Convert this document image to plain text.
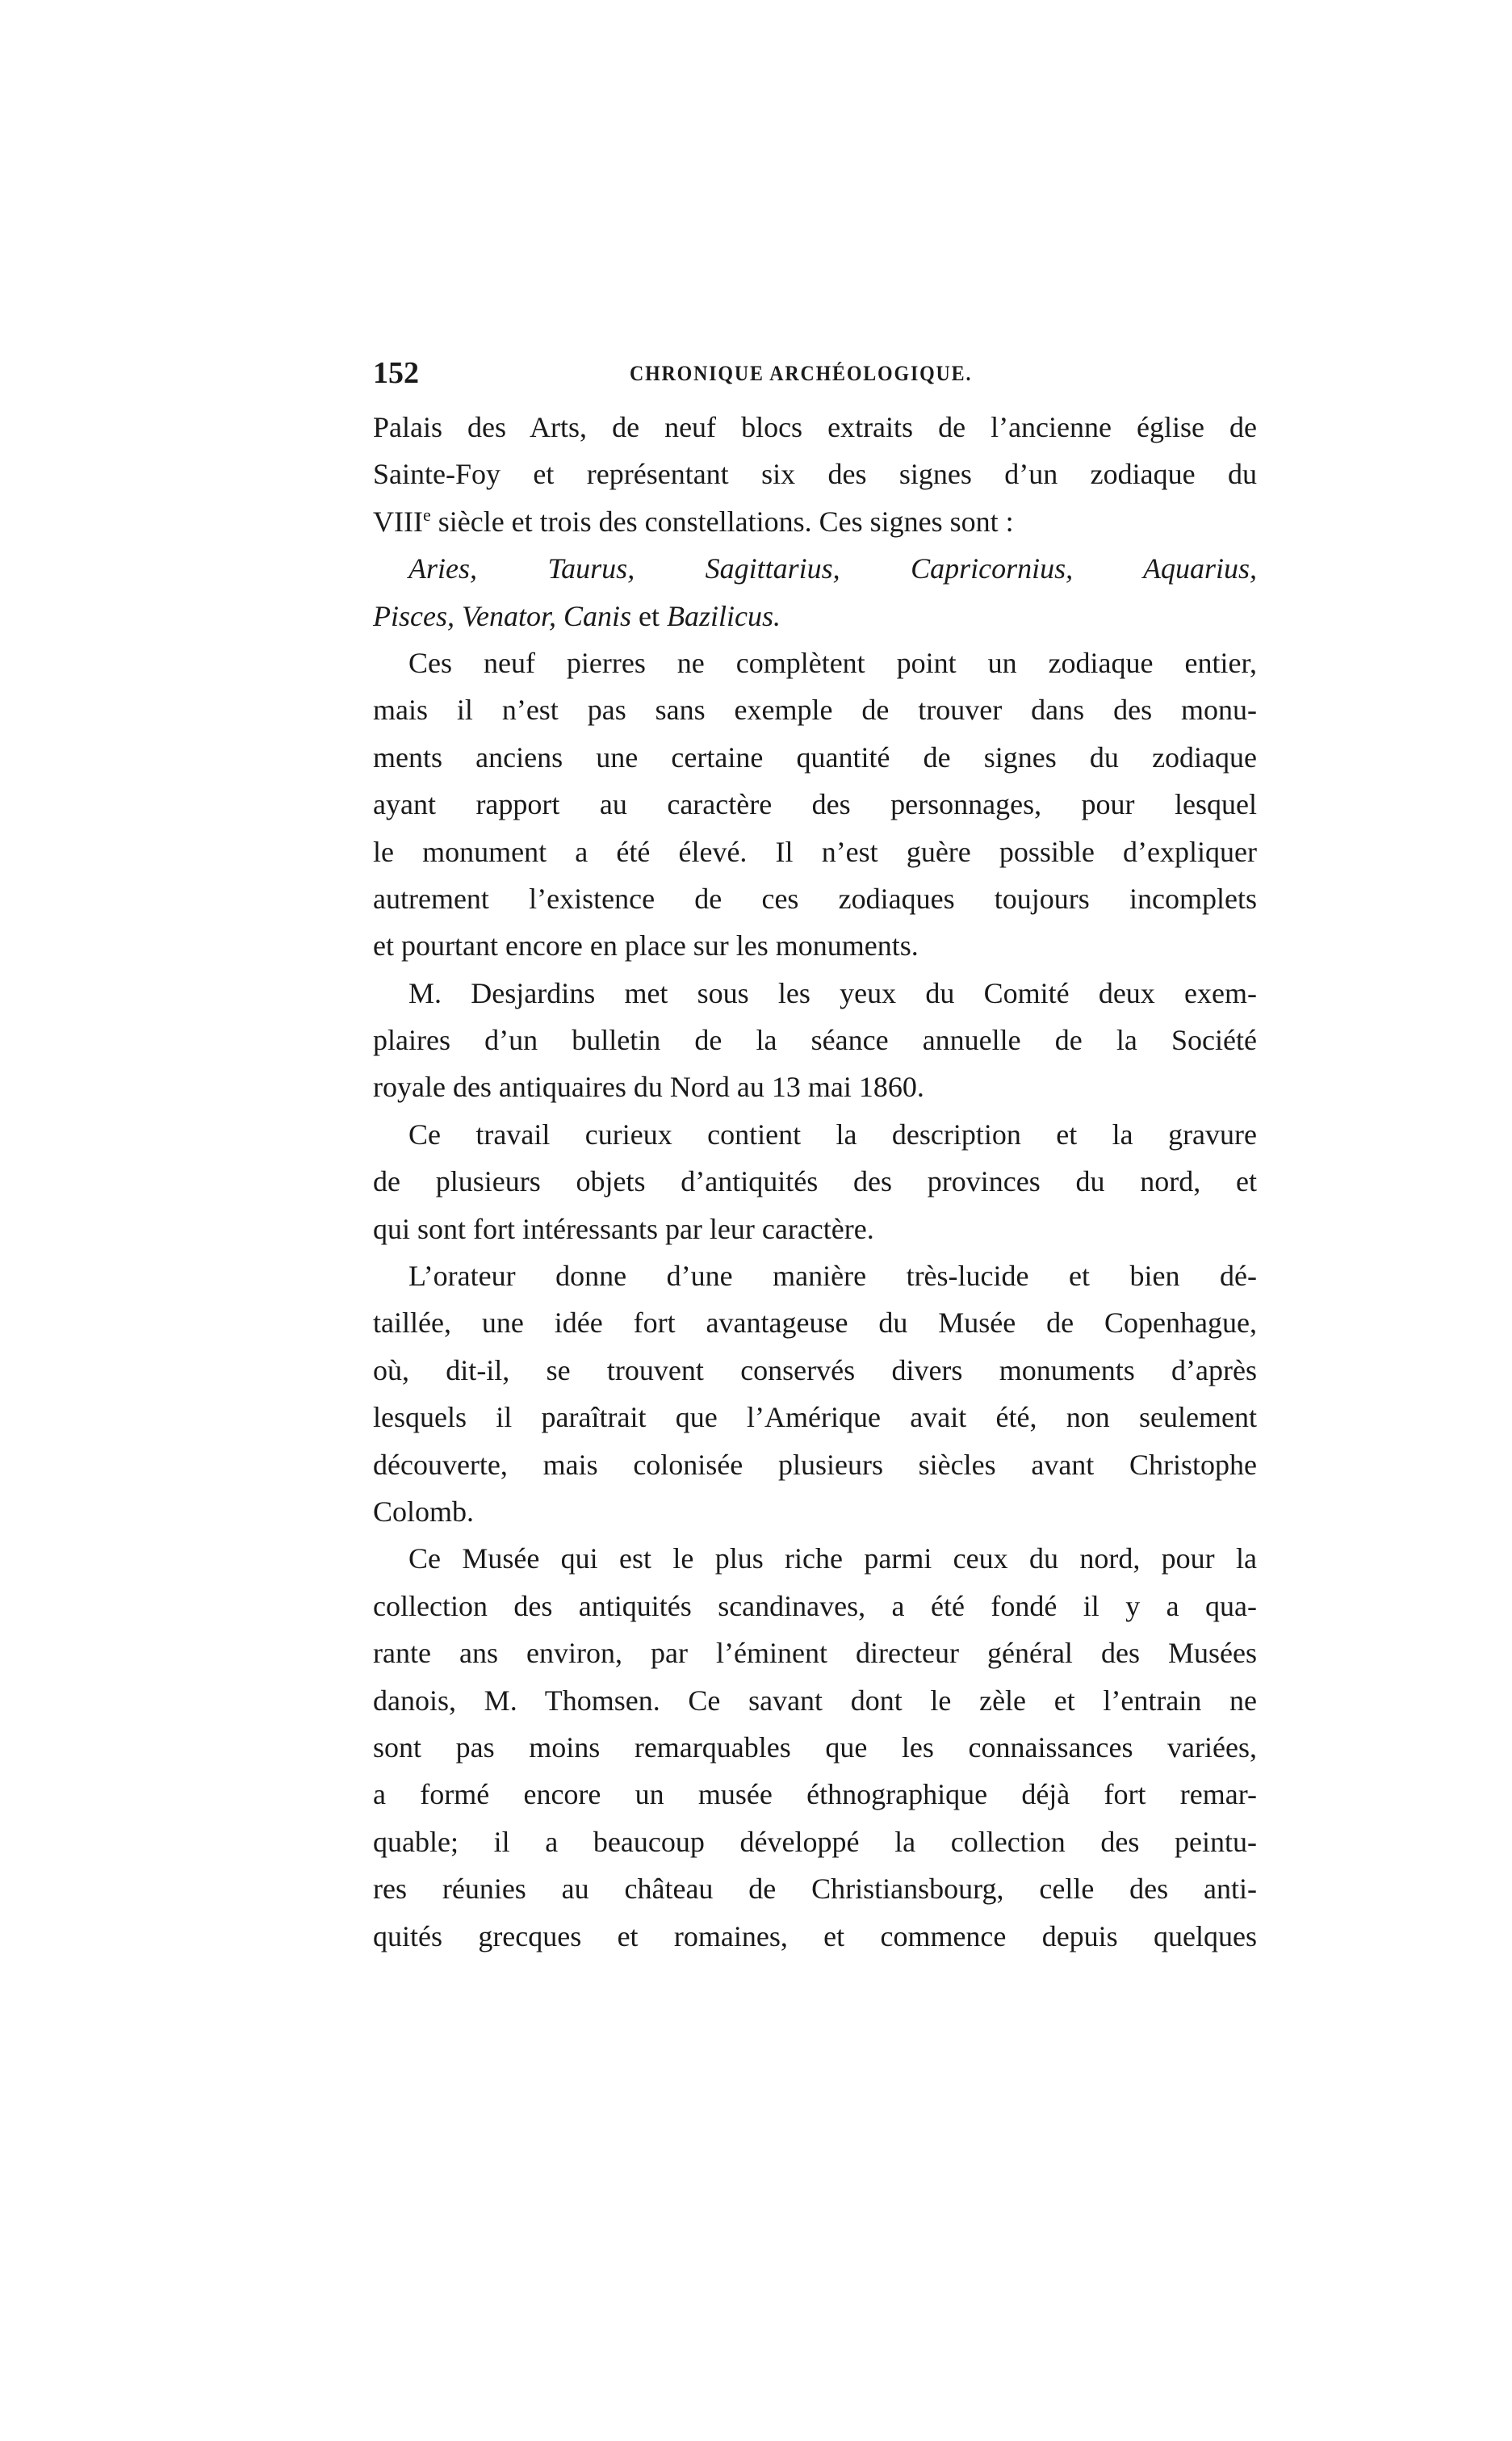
152	CHRONIQUE ARCHÉOLOGIQUE.
Palais des Arts, de neuf blocs extraits de l’ancienne église de
Sainte-Foy et représentant six des signes d’un zodiaque du
VIIIe siècle et trois des constellations. Ces signes sont :
Aries, Taurus, Sagittarius, Capricornius, Aquarius,
Pisces, Venator, Canis et Bazilicus.
Ces neuf pierres ne complètent point un zodiaque entier,
mais il n’est pas sans exemple de trouver dans des monu-
ments anciens une certaine quantité de signes du zodiaque
ayant rapport au caractère des personnages, pour lesquel
le monument a été élevé. Il n’est guère possible d’expliquer
autrement l’existence de ces zodiaques toujours incomplets
et pourtant encore en place sur les monuments.
M. Desjardins met sous les yeux du Comité deux exem-
plaires d’un bulletin de la séance annuelle de la Société
royale des antiquaires du Nord au 13 mai 1860.
Ce travail curieux contient la description et la gravure
de plusieurs objets d’antiquités des provinces du nord, et
qui sont fort intéressants par leur caractère.
L’orateur donne d’une manière très-lucide et bien dé-
taillée, une idée fort avantageuse du Musée de Copenhague,
où, dit-il, se trouvent conservés divers monuments d’après
lesquels il paraîtrait que l’Amérique avait été, non seulement
découverte, mais colonisée plusieurs siècles avant Christophe
Colomb.
Ce Musée qui est le plus riche parmi ceux du nord, pour la
collection des antiquités scandinaves, a été fondé il y a qua-
rante ans environ, par l’éminent directeur général des Musées
danois, M. Thomsen. Ce savant dont le zèle et l’entrain ne
sont pas moins remarquables que les connaissances variées,
a formé encore un musée éthnographique déjà fort remar-
quable; il a beaucoup développé la collection des peintu-
res réunies au château de Christiansbourg, celle des anti-
quités grecques et romaines, et commence depuis quelques
